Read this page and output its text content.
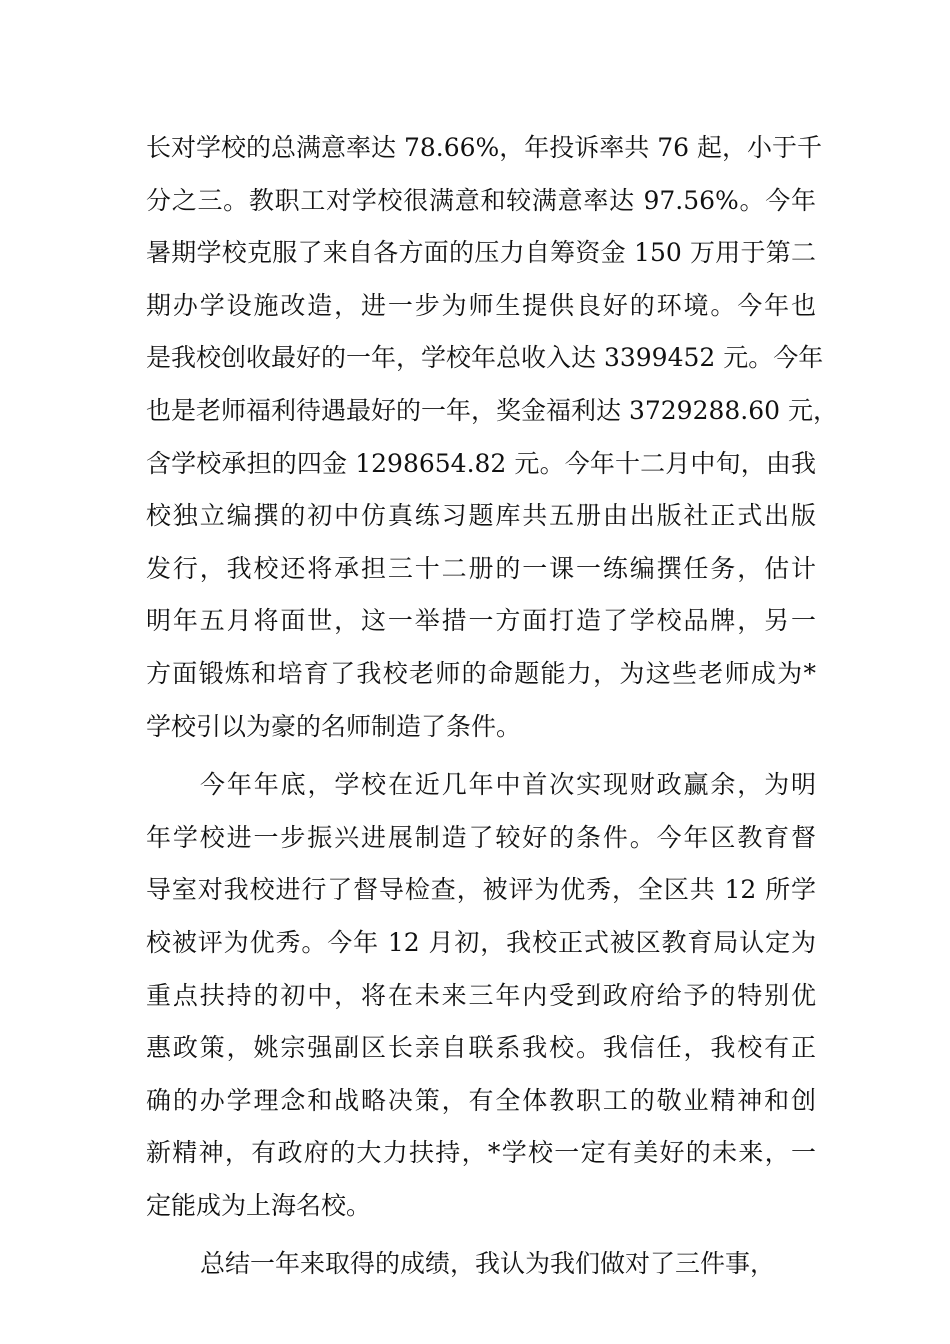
长对学校的总满意率达 78.66%，年投诉率共 76 起，小于千
分之三。教职工对学校很满意和较满意率达 97.56%。今年
暑期学校克服了来自各方面的压力自筹资金 150 万用于第二
期办学设施改造，进一步为师生提供良好的环境。今年也
是我校创收最好的一年，学校年总收入达 3399452 元。今年
也是老师福利待遇最好的一年，奖金福利达 3729288.60 元，
含学校承担的四金 1298654.82 元。今年十二月中旬，由我
校独立编撰的初中仿真练习题库共五册由出版社正式出版
发行，我校还将承担三十二册的一课一练编撰任务，估计
明年五月将面世，这一举措一方面打造了学校品牌，另一
方面锻炼和培育了我校老师的命题能力，为这些老师成为*
学校引以为豪的名师制造了条件。
今年年底，学校在近几年中首次实现财政赢余，为明
年学校进一步振兴进展制造了较好的条件。今年区教育督
导室对我校进行了督导检查，被评为优秀，全区共 12 所学
校被评为优秀。今年 12 月初，我校正式被区教育局认定为
重点扶持的初中，将在未来三年内受到政府给予的特别优
惠政策，姚宗强副区长亲自联系我校。我信任，我校有正
确的办学理念和战略决策，有全体教职工的敬业精神和创
新精神，有政府的大力扶持，*学校一定有美好的未来，一
定能成为上海名校。
总结一年来取得的成绩，我认为我们做对了三件事，
